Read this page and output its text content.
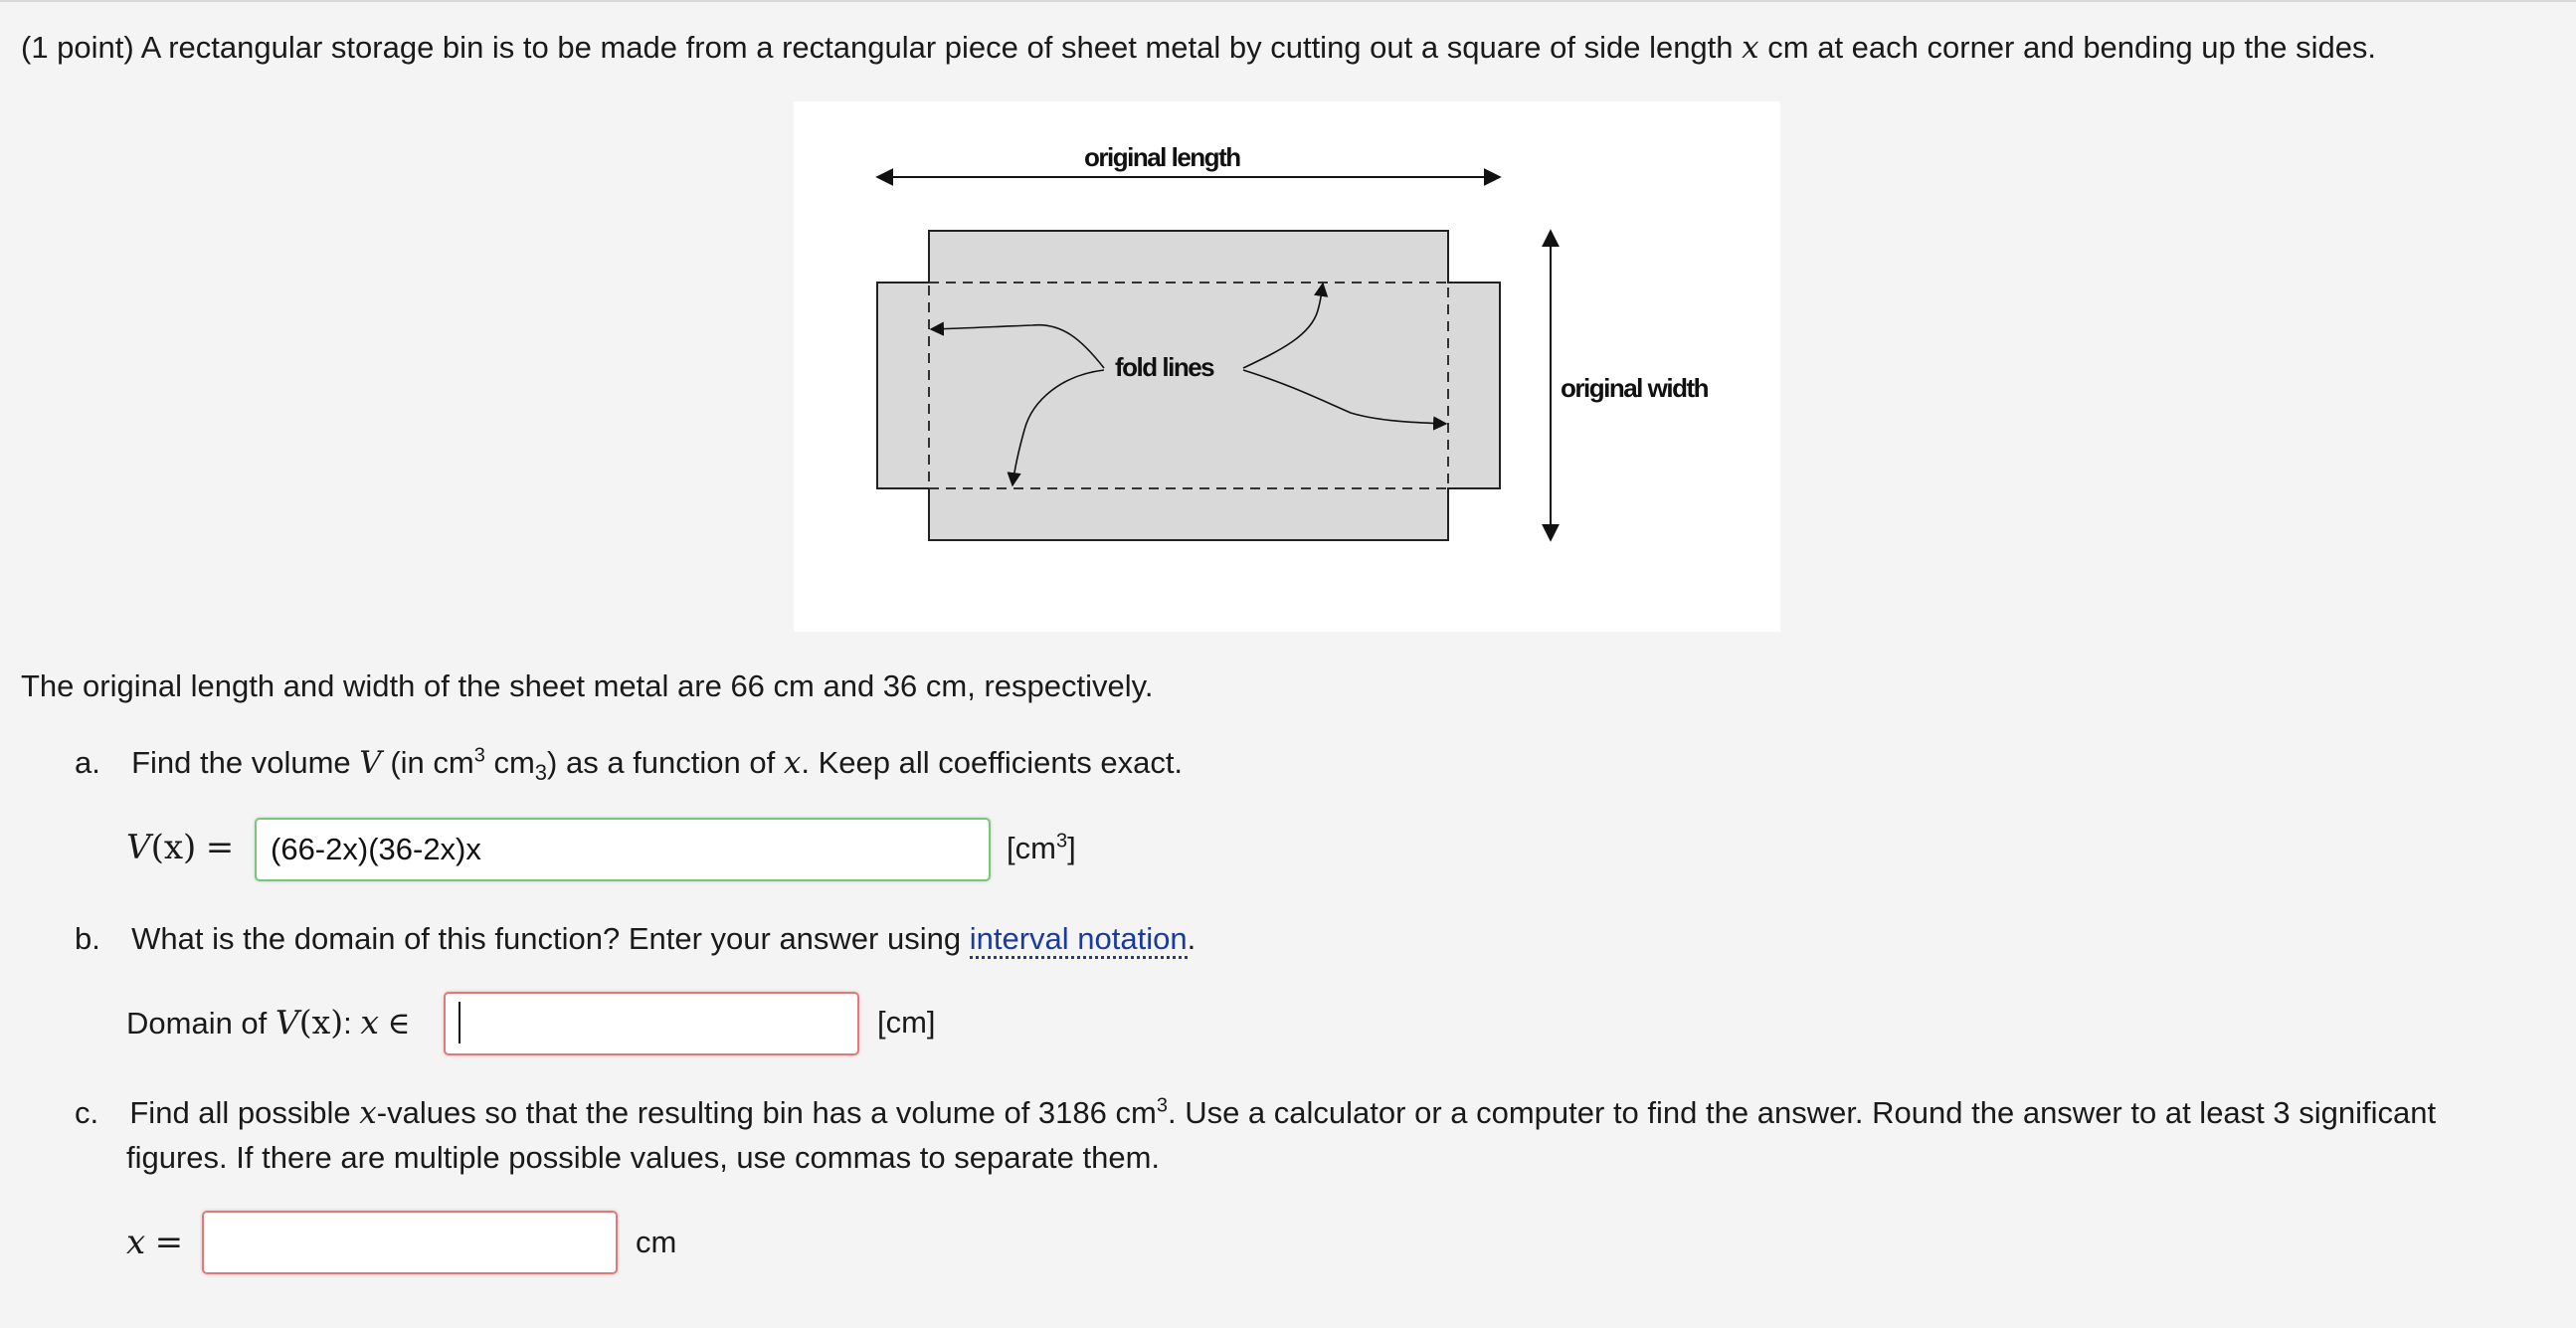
(1 point) A rectangular storage bin is to be made from a rectangular piece of sheet metal by cutting out a square of side length x cm at each corner and bending up the sides.
original length
original width
fold lines
The original length and width of the sheet metal are 66 cm and 36 cm, respectively.
a. Find the volume V (in $cm^3$ $cm_3$) as a function of x. Keep all coefficients exact.
V(x) =
(66-2x)(36-2x)x	$[cm^3]$
b. What is the domain of this function? Enter your answer using interval notation.
Domain of V(x): x ∈	[cm]
c. Find all possible x-values so that the resulting bin has a volume of 3186 $cm^3$. Use a calculator or a computer to find the answer. Round the answer to at least 3 significant
figures. If there are multiple possible values, use commas to separate them.
x =	cm
